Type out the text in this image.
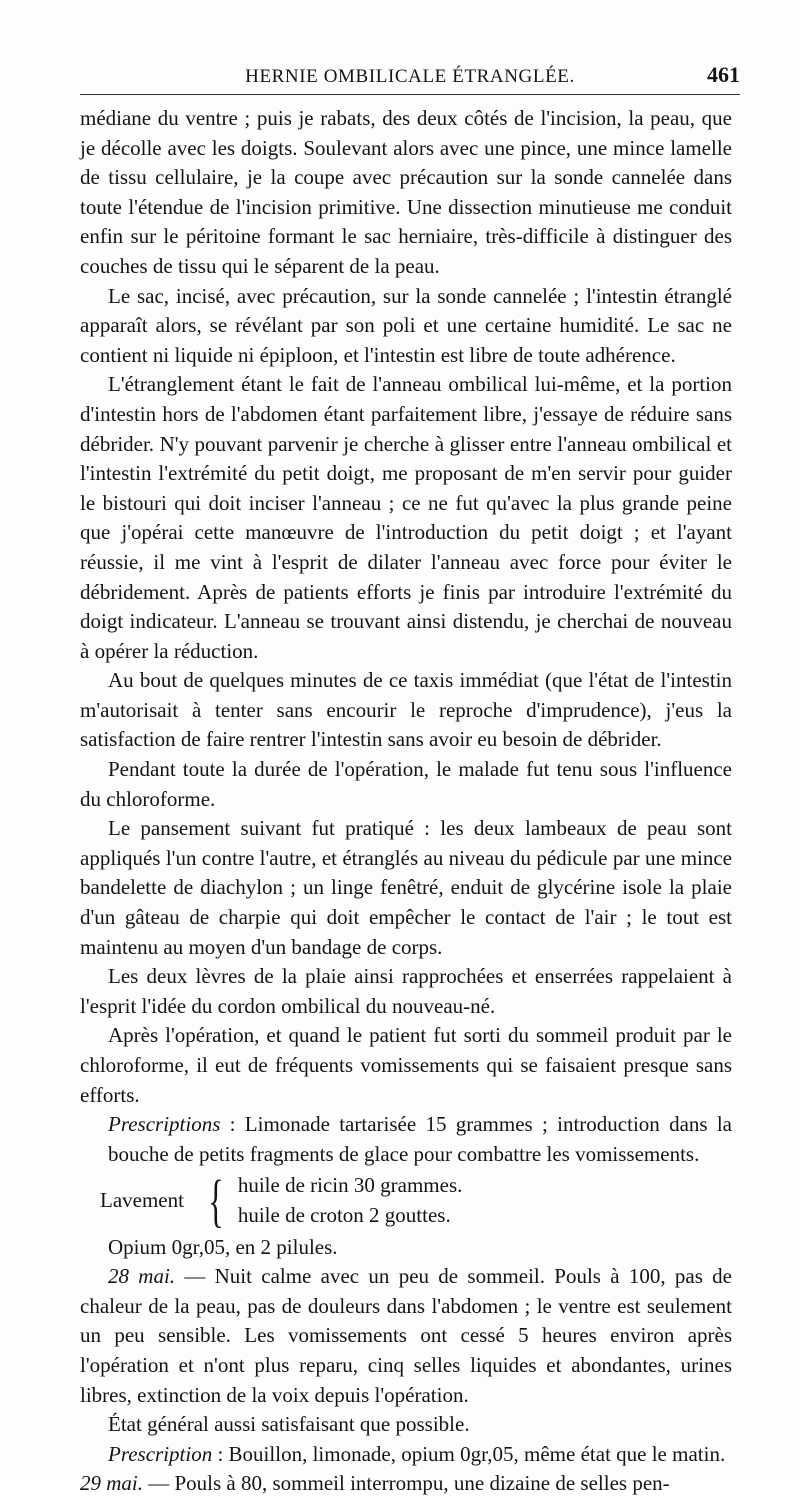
HERNIE OMBILICALE ÉTRANGLÉE.	461

médiane du ventre ; puis je rabats, des deux côtés de l'incision, la peau, que je décolle avec les doigts. Soulevant alors avec une pince, une mince lamelle de tissu cellulaire, je la coupe avec précaution sur la sonde cannelée dans toute l'étendue de l'incision primitive. Une dissection minutieuse me conduit enfin sur le péritoine formant le sac herniaire, très-difficile à distinguer des couches de tissu qui le séparent de la peau.

Le sac, incisé, avec précaution, sur la sonde cannelée ; l'intestin étranglé apparaît alors, se révélant par son poli et une certaine humidité. Le sac ne contient ni liquide ni épiploon, et l'intestin est libre de toute adhérence.

L'étranglement étant le fait de l'anneau ombilical lui-même, et la portion d'intestin hors de l'abdomen étant parfaitement libre, j'essaye de réduire sans débrider. N'y pouvant parvenir je cherche à glisser entre l'anneau ombilical et l'intestin l'extrémité du petit doigt, me proposant de m'en servir pour guider le bistouri qui doit inciser l'anneau ; ce ne fut qu'avec la plus grande peine que j'opérai cette manœuvre de l'introduction du petit doigt ; et l'ayant réussie, il me vint à l'esprit de dilater l'anneau avec force pour éviter le débridement. Après de patients efforts je finis par introduire l'extrémité du doigt indicateur. L'anneau se trouvant ainsi distendu, je cherchai de nouveau à opérer la réduction.

Au bout de quelques minutes de ce taxis immédiat (que l'état de l'intestin m'autorisait à tenter sans encourir le reproche d'imprudence), j'eus la satisfaction de faire rentrer l'intestin sans avoir eu besoin de débrider.

Pendant toute la durée de l'opération, le malade fut tenu sous l'influence du chloroforme.

Le pansement suivant fut pratiqué : les deux lambeaux de peau sont appliqués l'un contre l'autre, et étranglés au niveau du pédicule par une mince bandelette de diachylon ; un linge fenêtré, enduit de glycérine isole la plaie d'un gâteau de charpie qui doit empêcher le contact de l'air ; le tout est maintenu au moyen d'un bandage de corps.

Les deux lèvres de la plaie ainsi rapprochées et enserrées rappelaient à l'esprit l'idée du cordon ombilical du nouveau-né.

Après l'opération, et quand le patient fut sorti du sommeil produit par le chloroforme, il eut de fréquents vomissements qui se faisaient presque sans efforts.

Prescriptions : Limonade tartarisée 15 grammes ; introduction dans la bouche de petits fragments de glace pour combattre les vomissements.

Lavement { huile de ricin 30 grammes.
huile de croton 2 gouttes.

Opium 0gr,05, en 2 pilules.

28 mai. — Nuit calme avec un peu de sommeil. Pouls à 100, pas de chaleur de la peau, pas de douleurs dans l'abdomen ; le ventre est seulement un peu sensible. Les vomissements ont cessé 5 heures environ après l'opération et n'ont plus reparu, cinq selles liquides et abondantes, urines libres, extinction de la voix depuis l'opération.

État général aussi satisfaisant que possible.

Prescription : Bouillon, limonade, opium 0gr,05, même état que le matin.

29 mai. — Pouls à 80, sommeil interrompu, une dizaine de selles pen-
